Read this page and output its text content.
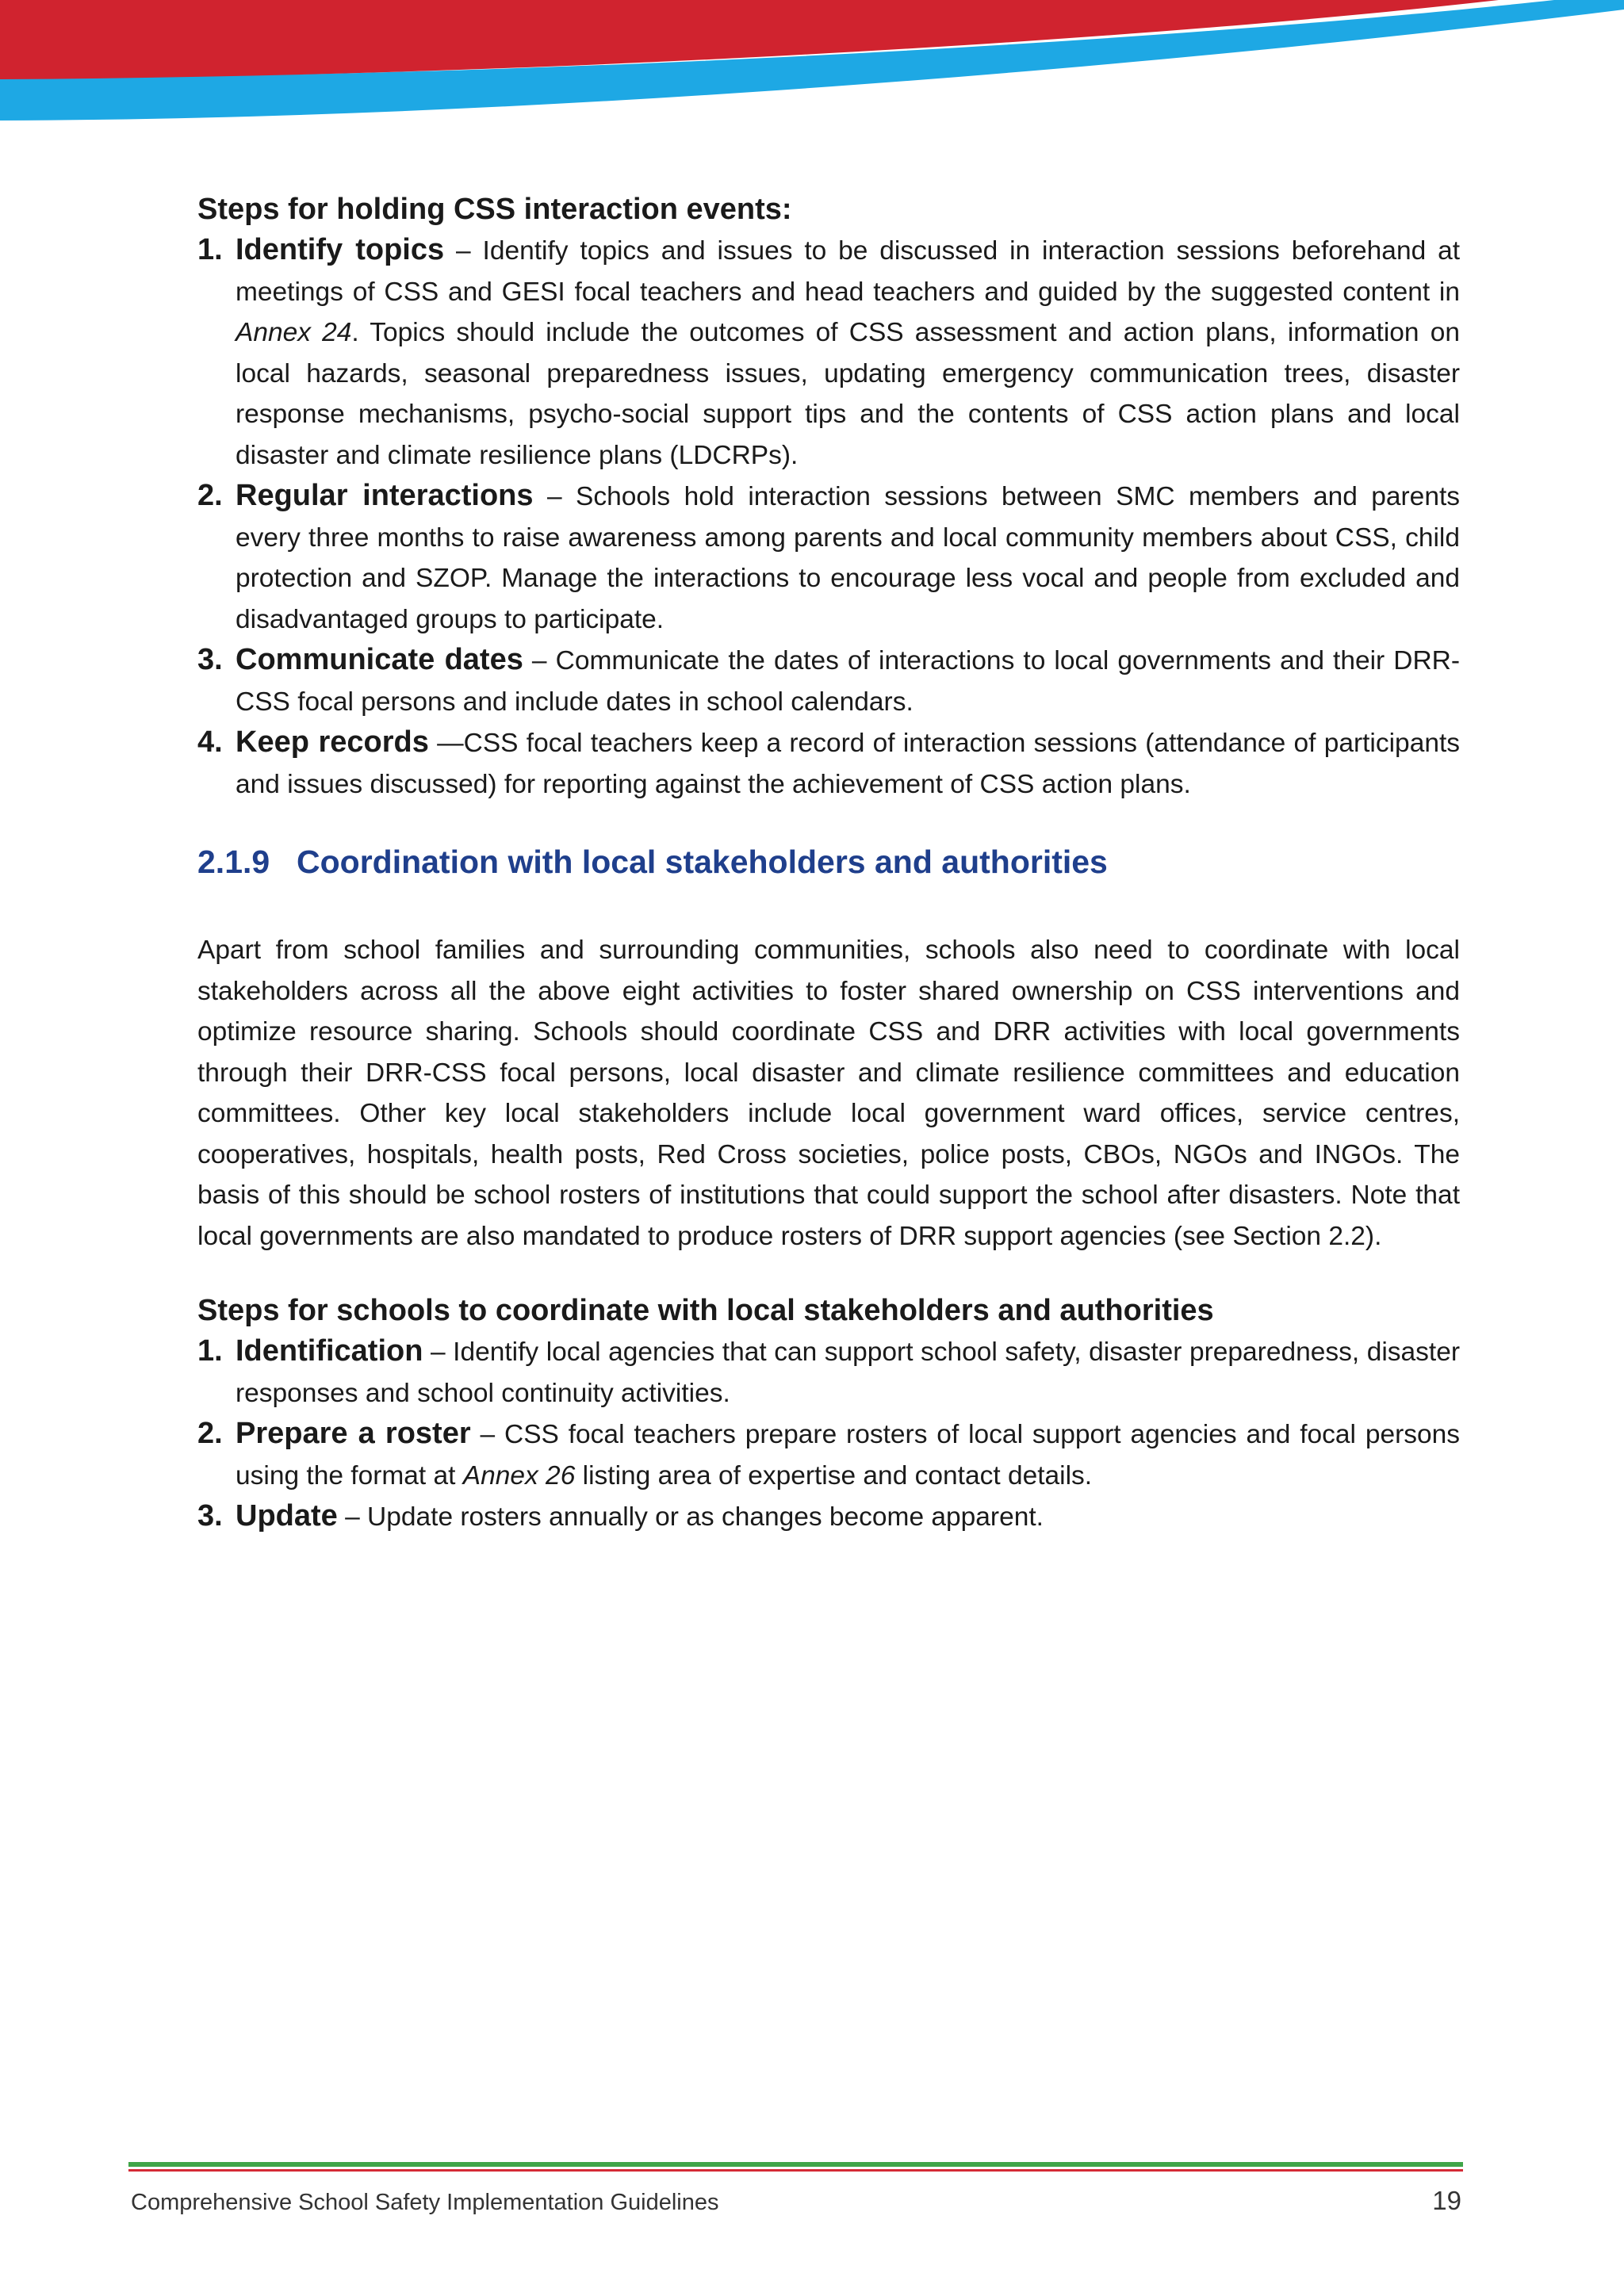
Steps for holding CSS interaction events:
1. Identify topics – Identify topics and issues to be discussed in interaction sessions beforehand at meetings of CSS and GESI focal teachers and head teachers and guided by the suggested content in Annex 24. Topics should include the outcomes of CSS assessment and action plans, information on local hazards, seasonal preparedness issues, updating emergency communication trees, disaster response mechanisms, psycho-social support tips and the contents of CSS action plans and local disaster and climate resilience plans (LDCRPs).
2. Regular interactions – Schools hold interaction sessions between SMC members and parents every three months to raise awareness among parents and local community members about CSS, child protection and SZOP. Manage the interactions to encourage less vocal and people from excluded and disadvantaged groups to participate.
3. Communicate dates – Communicate the dates of interactions to local governments and their DRR-CSS focal persons and include dates in school calendars.
4. Keep records —CSS focal teachers keep a record of interaction sessions (attendance of participants and issues discussed) for reporting against the achievement of CSS action plans.
2.1.9 Coordination with local stakeholders and authorities

Apart from school families and surrounding communities, schools also need to coordinate with local stakeholders across all the above eight activities to foster shared ownership on CSS interventions and optimize resource sharing. Schools should coordinate CSS and DRR activities with local governments through their DRR-CSS focal persons, local disaster and climate resilience committees and education committees. Other key local stakeholders include local government ward offices, service centres, cooperatives, hospitals, health posts, Red Cross societies, police posts, CBOs, NGOs and INGOs. The basis of this should be school rosters of institutions that could support the school after disasters. Note that local governments are also mandated to produce rosters of DRR support agencies (see Section 2.2).

Steps for schools to coordinate with local stakeholders and authorities
1. Identification – Identify local agencies that can support school safety, disaster preparedness, disaster responses and school continuity activities.
2. Prepare a roster – CSS focal teachers prepare rosters of local support agencies and focal persons using the format at Annex 26 listing area of expertise and contact details.
3. Update – Update rosters annually or as changes become apparent.
Comprehensive School Safety Implementation Guidelines	19
